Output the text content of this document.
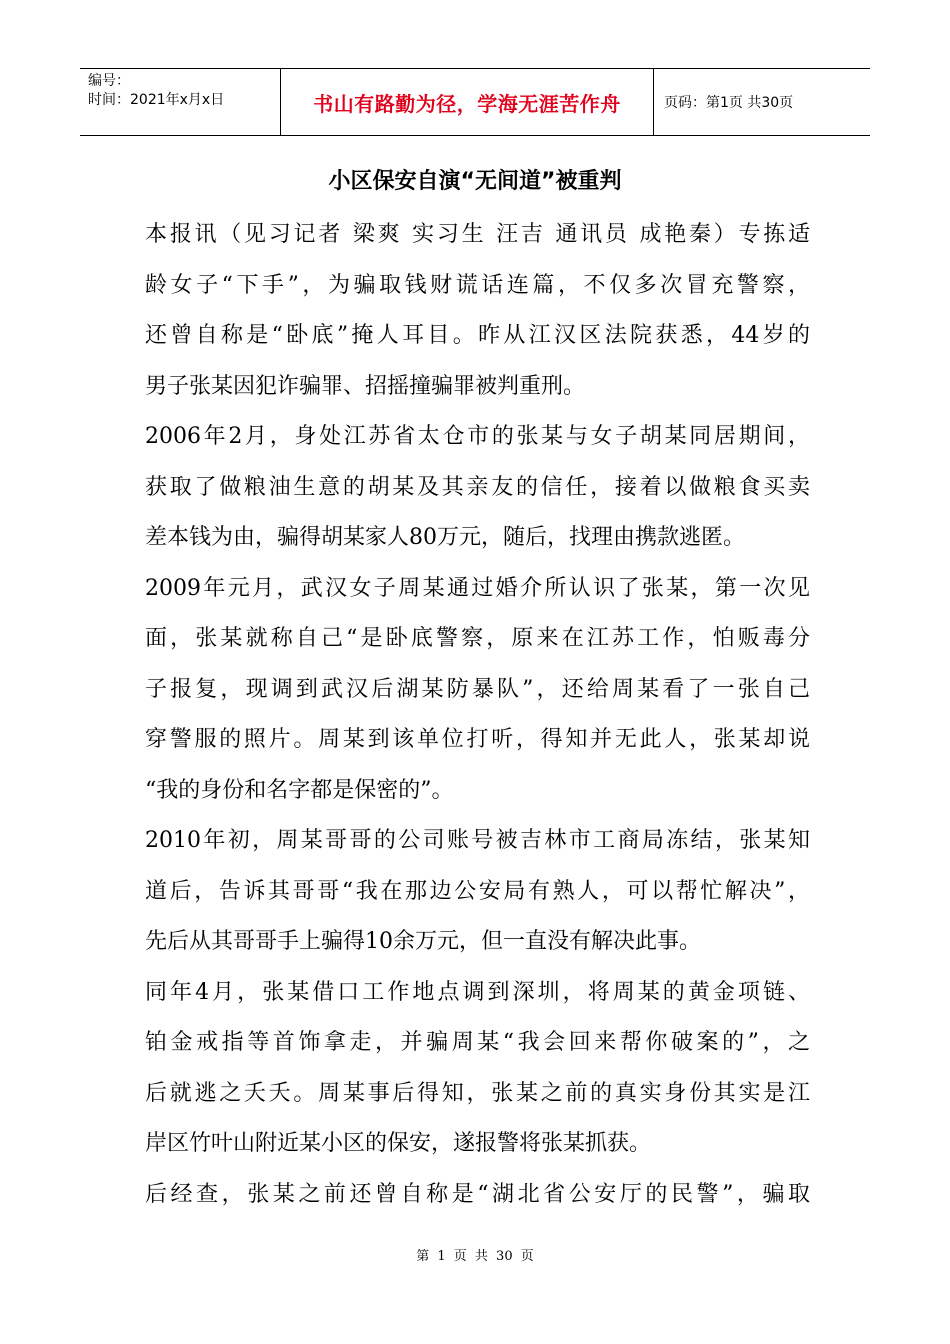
编号：
时间：2021年x月x日	书山有路勤为径，学海无涯苦作舟	页码：第1页 共30页
小区保安自演“无间道”被重判
本报讯（见习记者 梁爽 实习生 汪吉 通讯员 成艳秦）专拣适
龄女子“下手”，为骗取钱财谎话连篇，不仅多次冒充警察，
还曾自称是“卧底”掩人耳目。昨从江汉区法院获悉，44岁的
男子张某因犯诈骗罪、招摇撞骗罪被判重刑。
2006年2月，身处江苏省太仓市的张某与女子胡某同居期间，
获取了做粮油生意的胡某及其亲友的信任，接着以做粮食买卖
差本钱为由，骗得胡某家人80万元，随后，找理由携款逃匿。
2009年元月，武汉女子周某通过婚介所认识了张某，第一次见
面，张某就称自己“是卧底警察，原来在江苏工作，怕贩毒分
子报复，现调到武汉后湖某防暴队”，还给周某看了一张自己
穿警服的照片。周某到该单位打听，得知并无此人，张某却说
“我的身份和名字都是保密的”。
2010年初，周某哥哥的公司账号被吉林市工商局冻结，张某知
道后，告诉其哥哥“我在那边公安局有熟人，可以帮忙解决”，
先后从其哥哥手上骗得10余万元，但一直没有解决此事。
同年4月，张某借口工作地点调到深圳，将周某的黄金项链、
铂金戒指等首饰拿走，并骗周某“我会回来帮你破案的”，之
后就逃之夭夭。周某事后得知，张某之前的真实身份其实是江
岸区竹叶山附近某小区的保安，遂报警将张某抓获。
后经查，张某之前还曾自称是“湖北省公安厅的民警”，骗取
第 1 页 共 30 页
